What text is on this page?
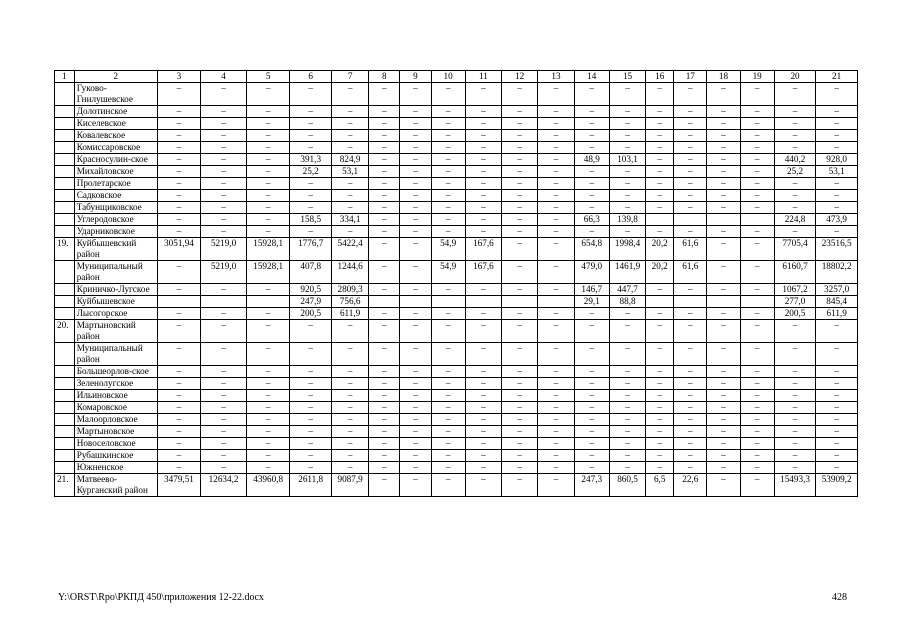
1	2	3	4	5	6	7	8	9	10	11	12	13	14	15	16	17	18	19	20	21
	Гуково-Гнилушевское	–	–	–	–	–	–	–	–	–	–	–	–	–	–	–	–	–	–	–
	Долотинское	–	–	–	–	–	–	–	–	–	–	–	–	–	–	–	–	–	–	–
	Киселевское	–	–	–	–	–	–	–	–	–	–	–	–	–	–	–	–	–	–	–
	Ковалевское	–	–	–	–	–	–	–	–	–	–	–	–	–	–	–	–	–	–	–
	Комиссаровское	–	–	–	–	–	–	–	–	–	–	–	–	–	–	–	–	–	–	–
	Красносулин-ское	–	–	–	391,3	824,9	–	–	–	–	–	–	48,9	103,1	–	–	–	–	440,2	928,0
	Михайловское	–	–	–	25,2	53,1	–	–	–	–	–	–	–	–	–	–	–	–	25,2	53,1
	Пролетарское	–	–	–	–	–	–	–	–	–	–	–	–	–	–	–	–	–	–	–
	Садковское	–	–	–	–	–	–	–	–	–	–	–	–	–	–	–	–	–	–	–
	Табунщиковское	–	–	–	–	–	–	–	–	–	–	–	–	–	–	–	–	–	–	–
	Углеродовское	–	–	–	158,5	334,1	–	–	–	–	–	–	66,3	139,8					224,8	473,9
	Ударниковское	–	–	–	–	–	–	–	–	–	–	–	–	–	–	–	–	–	–	–
19.	Куйбышевский район	3051,94	5219,0	15928,1	1776,7	5422,4	–	–	54,9	167,6	–	–	654,8	1998,4	20,2	61,6	–	–	7705,4	23516,5
	Муниципальный район	–	5219,0	15928,1	407,8	1244,6	–	–	54,9	167,6	–	–	479,0	1461,9	20,2	61,6	–	–	6160,7	18802,2
	Криничко-Лугское	–	–	–	920,5	2809,3	–	–	–	–	–	–	146,7	447,7	–	–	–	–	1067,2	3257,0
	Куйбышевское				247,9	756,6							29,1	88,8					277,0	845,4
	Лысогорское	–	–	–	200,5	611,9	–	–	–	–	–	–	–	–	–	–	–	–	200,5	611,9
20.	Мартыновский район	–	–	–	–	–	–	–	–	–	–	–	–	–	–	–	–	–	–	–
	Муниципальный район	–	–	–	–	–	–	–	–	–	–	–	–	–	–	–	–	–	–	–
	Большеорлов-ское	–	–	–	–	–	–	–	–	–	–	–	–	–	–	–	–	–	–	–
	Зеленолугское	–	–	–	–	–	–	–	–	–	–	–	–	–	–	–	–	–	–	–
	Ильиновское	–	–	–	–	–	–	–	–	–	–	–	–	–	–	–	–	–	–	–
	Комаровское	–	–	–	–	–	–	–	–	–	–	–	–	–	–	–	–	–	–	–
	Малоорловское	–	–	–	–	–	–	–	–	–	–	–	–	–	–	–	–	–	–	–
	Мартыновское	–	–	–	–	–	–	–	–	–	–	–	–	–	–	–	–	–	–	–
	Новоселовское	–	–	–	–	–	–	–	–	–	–	–	–	–	–	–	–	–	–	–
	Рубашкинское	–	–	–	–	–	–	–	–	–	–	–	–	–	–	–	–	–	–	–
	Южненское	–	–	–	–	–	–	–	–	–	–	–	–	–	–	–	–	–	–	–
21.	Матвеево-Курганский район	3479,51	12634,2	43960,8	2611,8	9087,9	–	–	–	–	–	–	247,3	860,5	6,5	22,6	–	–	15493,3	53909,2
Y:\ORST\Rpo\РКПД 450\приложения 12-22.docx	428
